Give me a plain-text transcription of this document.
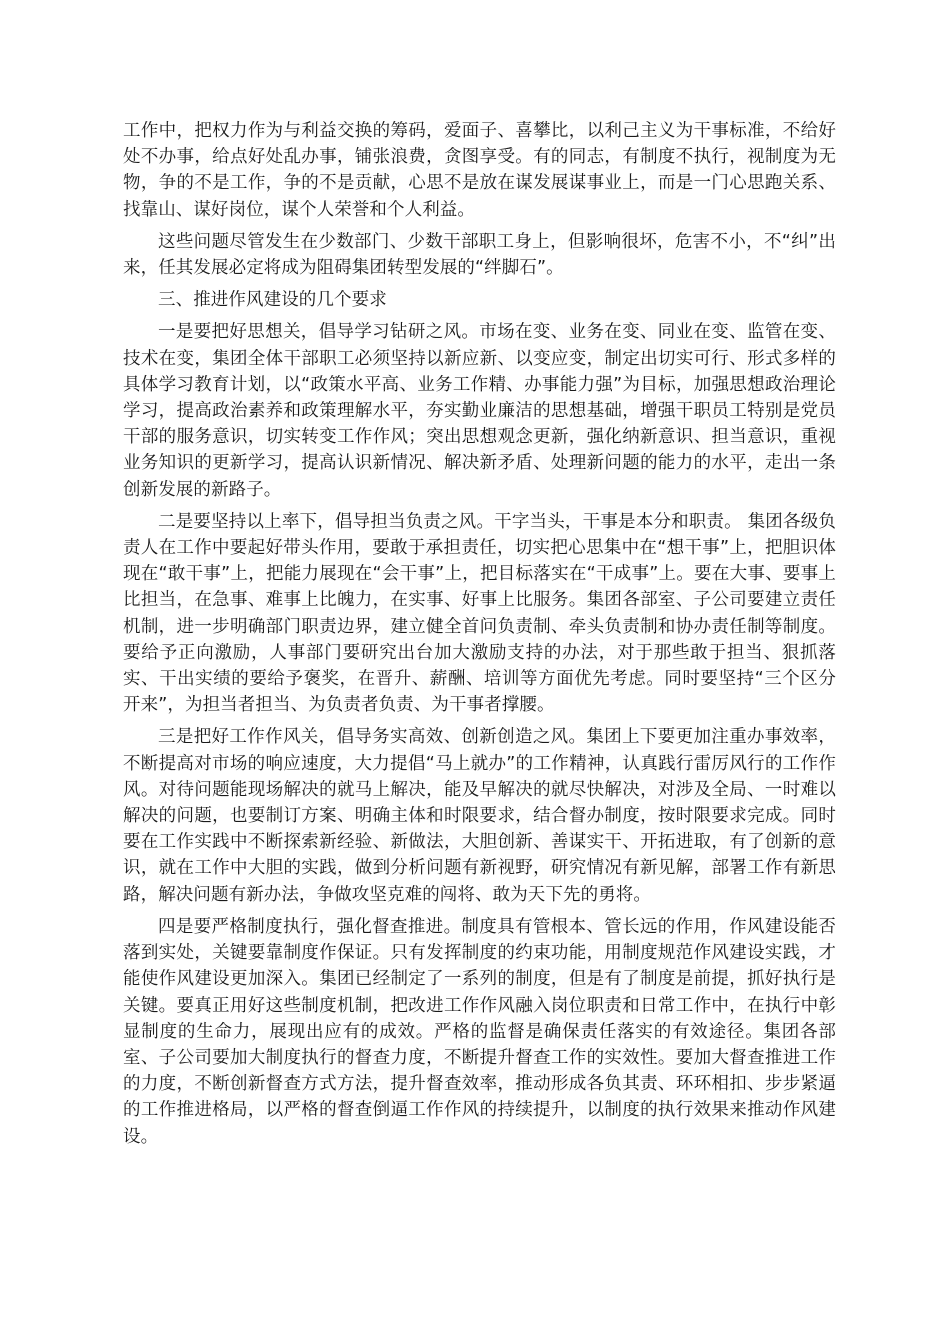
工作中，把权力作为与利益交换的筹码，爱面子、喜攀比，以利己主义为干事标准，不给好处不办事，给点好处乱办事，铺张浪费，贪图享受。有的同志，有制度不执行，视制度为无物，争的不是工作，争的不是贡献，心思不是放在谋发展谋事业上，而是一门心思跑关系、找靠山、谋好岗位，谋个人荣誉和个人利益。

这些问题尽管发生在少数部门、少数干部职工身上，但影响很坏，危害不小，不“纠”出来，任其发展必定将成为阻碍集团转型发展的“绊脚石”。

三、推进作风建设的几个要求

一是要把好思想关，倡导学习钻研之风。市场在变、业务在变、同业在变、监管在变、技术在变，集团全体干部职工必须坚持以新应新、以变应变，制定出切实可行、形式多样的具体学习教育计划，以“政策水平高、业务工作精、办事能力强”为目标，加强思想政治理论学习，提高政治素养和政策理解水平，夯实勤业廉洁的思想基础，增强干职员工特别是党员干部的服务意识，切实转变工作作风；突出思想观念更新，强化纳新意识、担当意识，重视业务知识的更新学习，提高认识新情况、解决新矛盾、处理新问题的能力的水平，走出一条创新发展的新路子。

二是要坚持以上率下，倡导担当负责之风。干字当头，干事是本分和职责。 集团各级负责人在工作中要起好带头作用，要敢于承担责任，切实把心思集中在“想干事”上，把胆识体现在“敢干事”上，把能力展现在“会干事”上，把目标落实在“干成事”上。要在大事、要事上比担当，在急事、难事上比魄力，在实事、好事上比服务。集团各部室、子公司要建立责任机制，进一步明确部门职责边界，建立健全首问负责制、牵头负责制和协办责任制等制度。要给予正向激励，人事部门要研究出台加大激励支持的办法，对于那些敢于担当、狠抓落实、干出实绩的要给予褒奖，在晋升、薪酬、培训等方面优先考虑。同时要坚持“三个区分开来”，为担当者担当、为负责者负责、为干事者撑腰。

三是把好工作作风关，倡导务实高效、创新创造之风。集团上下要更加注重办事效率，不断提高对市场的响应速度，大力提倡“马上就办”的工作精神，认真践行雷厉风行的工作作风。对待问题能现场解决的就马上解决，能及早解决的就尽快解决，对涉及全局、一时难以解决的问题，也要制订方案、明确主体和时限要求，结合督办制度，按时限要求完成。同时要在工作实践中不断探索新经验、新做法，大胆创新、善谋实干、开拓进取，有了创新的意识，就在工作中大胆的实践，做到分析问题有新视野，研究情况有新见解，部署工作有新思路，解决问题有新办法，争做攻坚克难的闯将、敢为天下先的勇将。

四是要严格制度执行，强化督查推进。制度具有管根本、管长远的作用，作风建设能否落到实处，关键要靠制度作保证。只有发挥制度的约束功能，用制度规范作风建设实践，才能使作风建设更加深入。集团已经制定了一系列的制度，但是有了制度是前提，抓好执行是关键。要真正用好这些制度机制，把改进工作作风融入岗位职责和日常工作中，在执行中彰显制度的生命力，展现出应有的成效。严格的监督是确保责任落实的有效途径。集团各部室、子公司要加大制度执行的督查力度，不断提升督查工作的实效性。要加大督查推进工作的力度，不断创新督查方式方法，提升督查效率，推动形成各负其责、环环相扣、步步紧逼的工作推进格局，以严格的督查倒逼工作作风的持续提升，以制度的执行效果来推动作风建设。
